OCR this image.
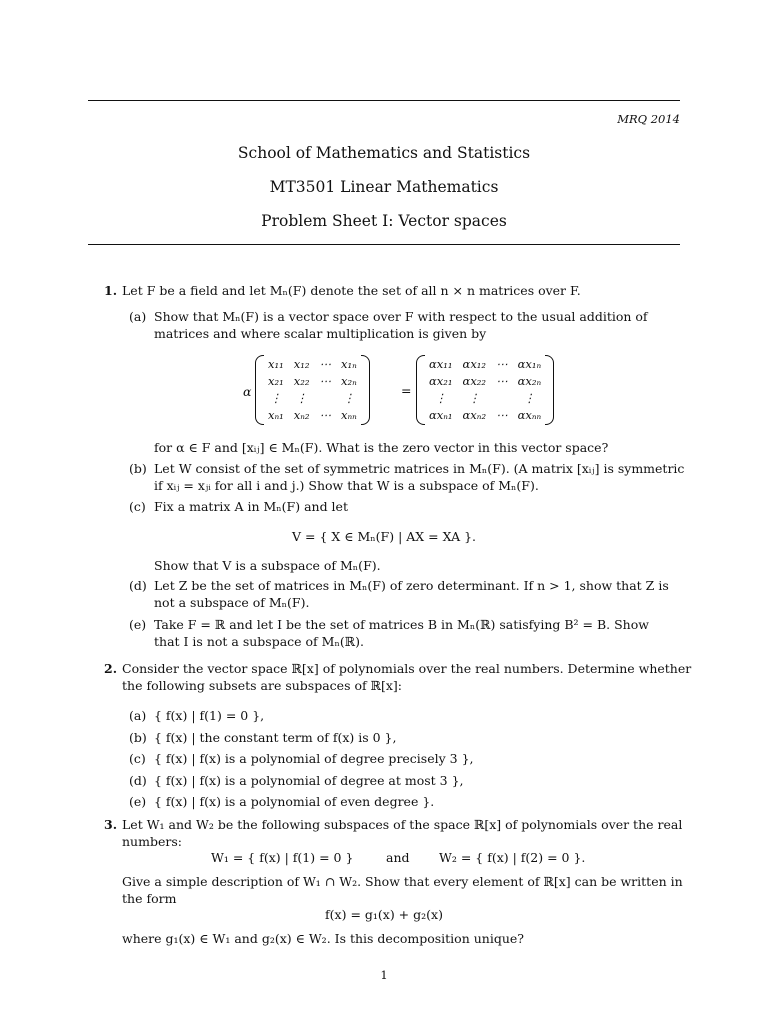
MRQ 2014
School of Mathematics and Statistics
MT3501 Linear Mathematics
Problem Sheet I: Vector spaces
1. Let F be a field and let Mₙ(F) denote the set of all n × n matrices over F.
(a) Show that Mₙ(F) is a vector space over F with respect to the usual addition of
matrices and where scalar multiplication is given by
α
x₁₁ x₁₂ ⋯ x₁ₙ
x₂₁ x₂₂ ⋯ x₂ₙ
⋮ ⋮	⋮
xₙ₁ xₙ₂ ⋯ xₙₙ
=
αx₁₁ αx₁₂ ⋯ αx₁ₙ
αx₂₁ αx₂₂ ⋯ αx₂ₙ
⋮	⋮	⋮
αxₙ₁ αxₙ₂ ⋯ αxₙₙ
for α ∈ F and [xᵢⱼ] ∈ Mₙ(F). What is the zero vector in this vector space?
(b) Let W consist of the set of symmetric matrices in Mₙ(F). (A matrix [xᵢⱼ] is symmetric
if xᵢⱼ = xⱼᵢ for all i and j.) Show that W is a subspace of Mₙ(F).
(c) Fix a matrix A in Mₙ(F) and let
V = { X ∈ Mₙ(F) | AX = XA }.
Show that V is a subspace of Mₙ(F).
(d) Let Z be the set of matrices in Mₙ(F) of zero determinant. If n > 1, show that Z is
not a subspace of Mₙ(F).
(e) Take F = ℝ and let I be the set of matrices B in Mₙ(ℝ) satisfying B² = B. Show
that I is not a subspace of Mₙ(ℝ).
2. Consider the vector space ℝ[x] of polynomials over the real numbers. Determine whether
the following subsets are subspaces of ℝ[x]:
(a)
(b)
(c)
(d)
(e)
{ f(x) | f(1) = 0 },
{ f(x) | the constant term of f(x) is 0 },
{ f(x) | f(x) is a polynomial of degree precisely 3 },
{ f(x) | f(x) is a polynomial of degree at most 3 },
{ f(x) | f(x) is a polynomial of even degree }.
3. Let W₁ and W₂ be the following subspaces of the space ℝ[x] of polynomials over the real
numbers:
W₁ = { f(x) | f(1) = 0 }	and W₂ = { f(x) | f(2) = 0 }.
Give a simple description of W₁ ∩ W₂. Show that every element of ℝ[x] can be written in
the form
f(x) = g₁(x) + g₂(x)
where g₁(x) ∈ W₁ and g₂(x) ∈ W₂. Is this decomposition unique?
1
